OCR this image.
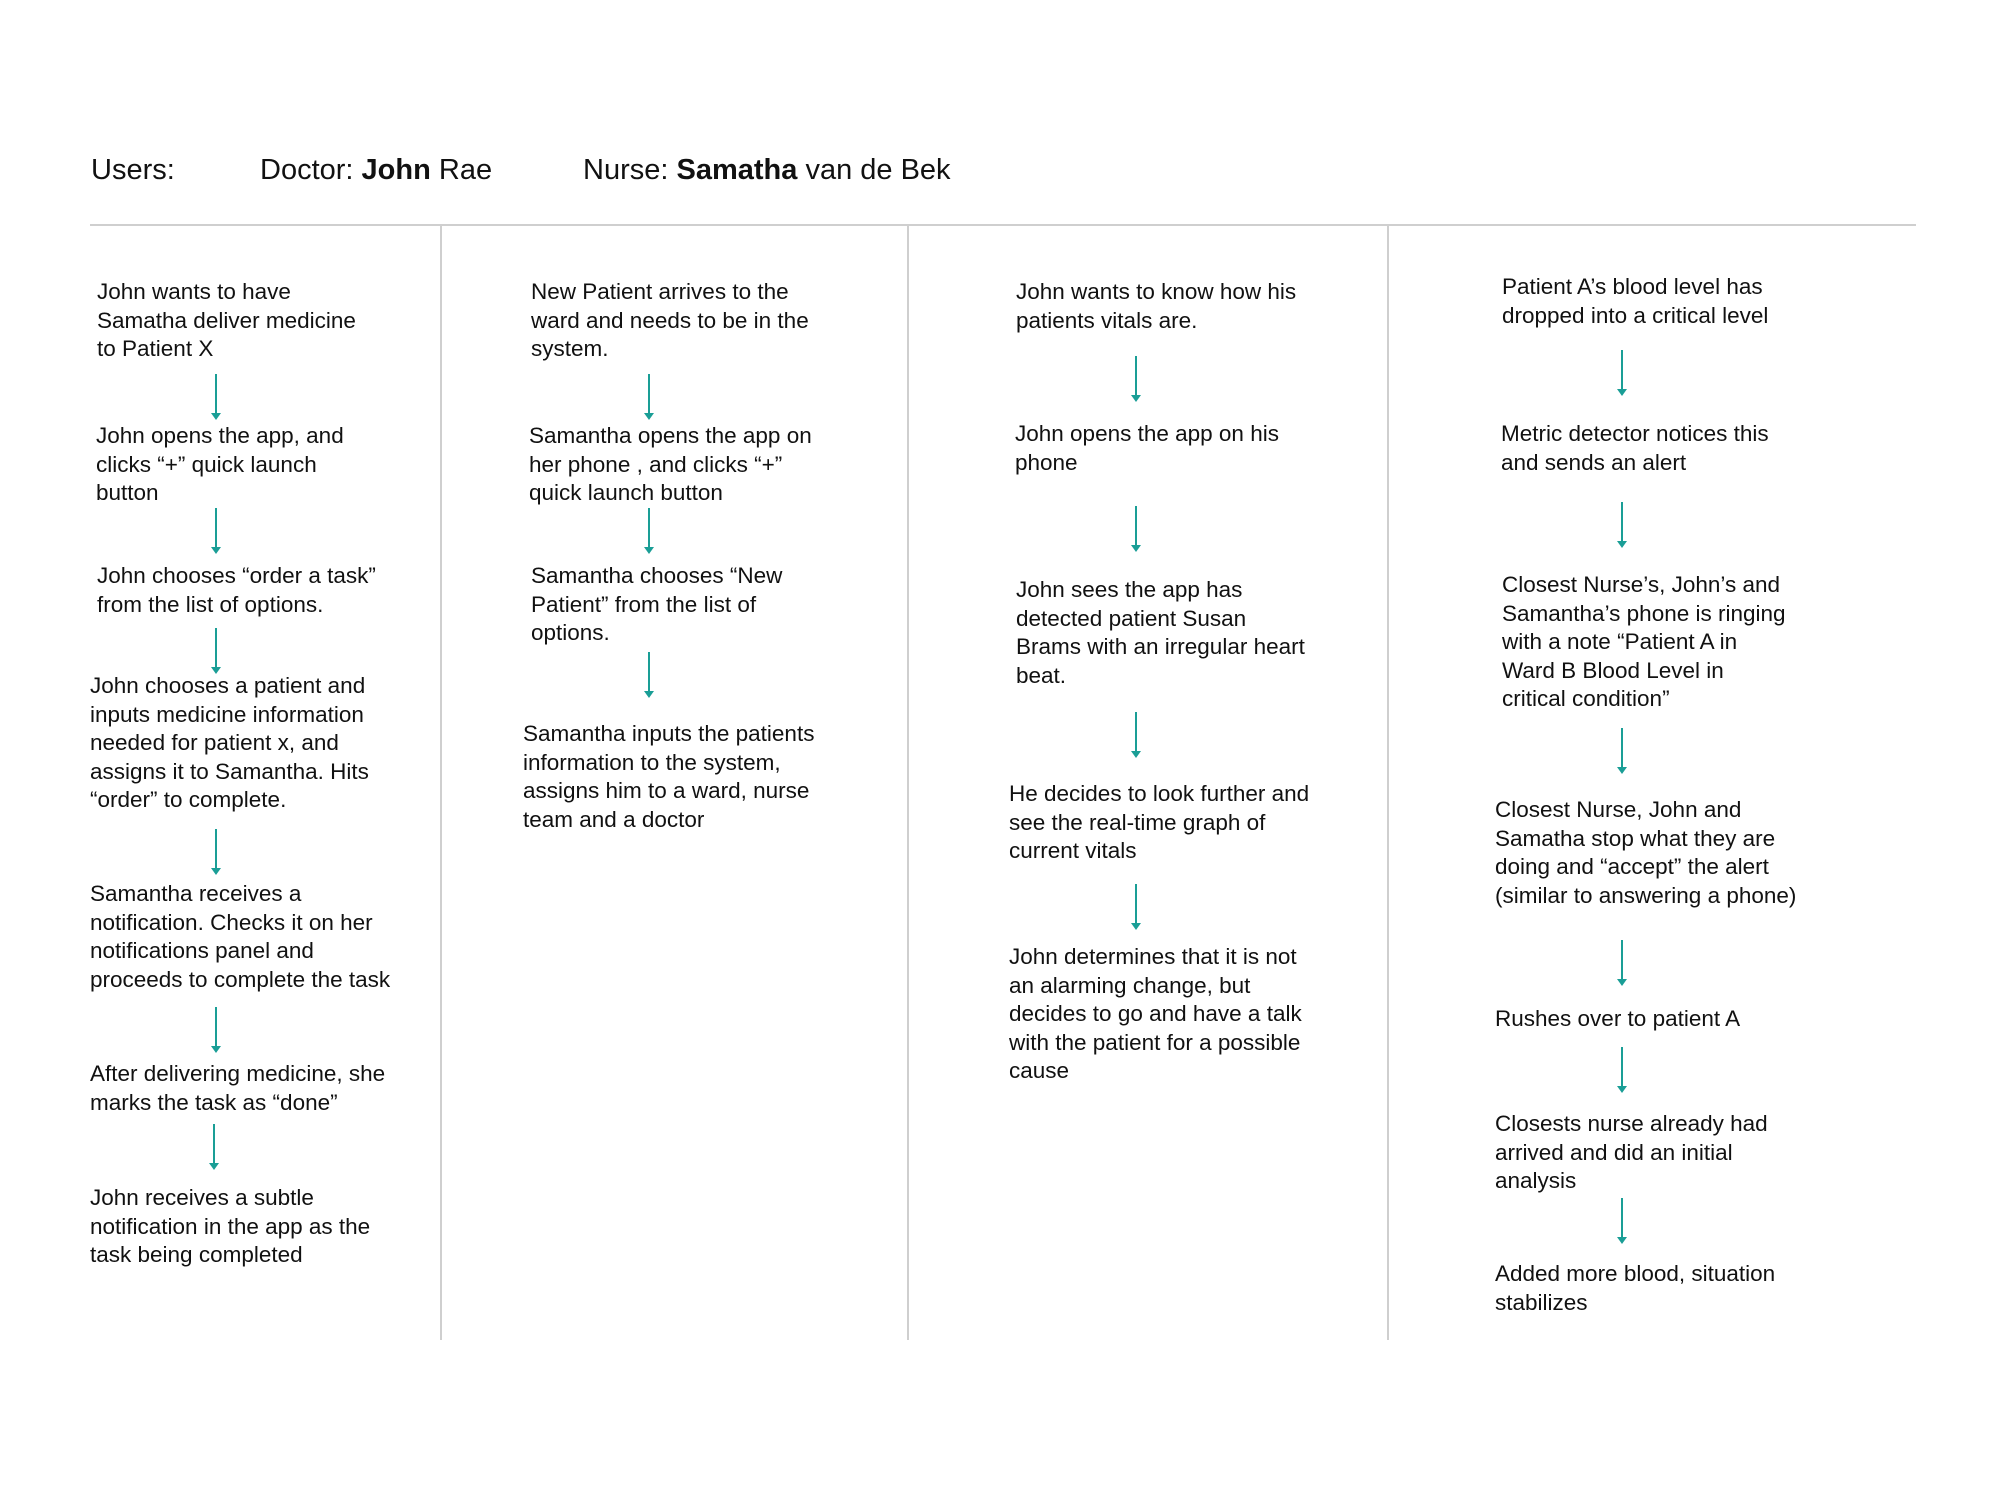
Users:	Doctor: John Rae	Nurse: Samatha van de Bek
John wants to have
Samatha deliver medicine
to Patient X
John opens the app, and
clicks “+” quick launch
button
John chooses “order a task”
from the list of options.
John chooses a patient and
inputs medicine information
needed for patient x, and
assigns it to Samantha. Hits
“order” to complete.
Samantha receives a
notification. Checks it on her
notifications panel and
proceeds to complete the task
After delivering medicine, she
marks the task as “done”
John receives a subtle
notification in the app as the
task being completed
New Patient arrives to the
ward and needs to be in the
system.
Samantha opens the app on
her phone , and clicks “+”
quick launch button
Samantha chooses “New
Patient” from the list of
options.
Samantha inputs the patients
information to the system,
assigns him to a ward, nurse
team and a doctor
John wants to know how his
patients vitals are.
John opens the app on his
phone
John sees the app has
detected patient Susan
Brams with an irregular heart
beat.
He decides to look further and
see the real-time graph of
current vitals
John determines that it is not
an alarming change, but
decides to go and have a talk
with the patient for a possible
cause
Patient A’s blood level has
dropped into a critical level
Metric detector notices this
and sends an alert
Closest Nurse’s, John’s and
Samantha’s phone is ringing
with a note “Patient A in
Ward B Blood Level in
critical condition”
Closest Nurse, John and
Samatha stop what they are
doing and “accept” the alert
(similar to answering a phone)
Rushes over to patient A
Closests nurse already had
arrived and did an initial
analysis
Added more blood, situation
stabilizes
